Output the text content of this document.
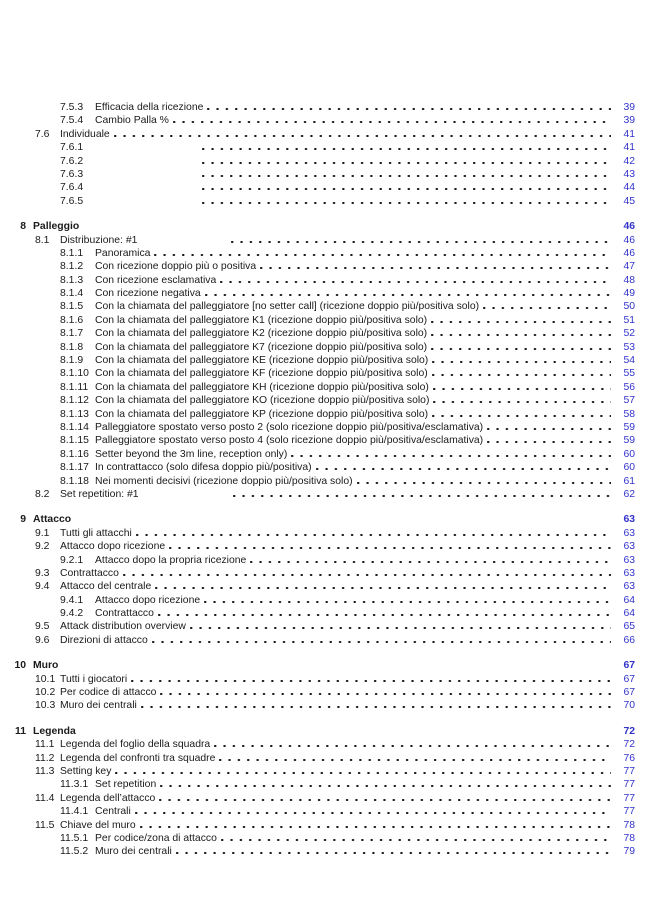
7.5.3	Efficacia della ricezione	39
7.5.4	Cambio Palla %	39
7.6	Individuale	41
7.6.1	41
7.6.2	42
7.6.3	43
7.6.4	44
7.6.5	45
8 Palleggio	46
8.1	Distribuzione: #1	46
8.1.1	Panoramica	46
8.1.2	Con ricezione doppio più o positiva	47
8.1.3	Con ricezione esclamativa	48
8.1.4	Con ricezione negativa	49
8.1.5	Con la chiamata del palleggiatore [no setter call] (ricezione doppio più/positiva solo)	50
8.1.6	Con la chiamata del palleggiatore K1 (ricezione doppio più/positiva solo)	51
8.1.7	Con la chiamata del palleggiatore K2 (ricezione doppio più/positiva solo)	52
8.1.8	Con la chiamata del palleggiatore K7 (ricezione doppio più/positiva solo)	53
8.1.9	Con la chiamata del palleggiatore KE (ricezione doppio più/positiva solo)	54
8.1.10 Con la chiamata del palleggiatore KF (ricezione doppio più/positiva solo)	55
8.1.11 Con la chiamata del palleggiatore KH (ricezione doppio più/positiva solo)	56
8.1.12 Con la chiamata del palleggiatore KO (ricezione doppio più/positiva solo)	57
8.1.13 Con la chiamata del palleggiatore KP (ricezione doppio più/positiva solo)	58
8.1.14 Palleggiatore spostato verso posto 2 (solo ricezione doppio più/positiva/esclamativa)	59
8.1.15 Palleggiatore spostato verso posto 4 (solo ricezione doppio più/positiva/esclamativa)	59
8.1.16 Setter beyond the 3m line, reception only)	60
8.1.17 In contrattacco (solo difesa doppio più/positiva)	60
8.1.18 Nei momenti decisivi (ricezione doppio più/positiva solo)	61
8.2	Set repetition: #1	62
9 Attacco	63
9.1	Tutti gli attacchi	63
9.2	Attacco dopo ricezione	63
9.2.1	Attacco dopo la propria ricezione	63
9.3	Contrattacco	63
9.4	Attacco del centrale	63
9.4.1	Attacco dopo ricezione	64
9.4.2	Contrattacco	64
9.5	Attack distribution overview	65
9.6	Direzioni di attacco	66
10 Muro	67
10.1 Tutti i giocatori	67
10.2 Per codice di attacco	67
10.3 Muro dei centrali	70
11 Legenda	72
11.1 Legenda del foglio della squadra	72
11.2 Legenda del confronti tra squadre	76
11.3 Setting key	77
11.3.1 Set repetition	77
11.4 Legenda dell’attacco	77
11.4.1 Centrali	77
11.5 Chiave del muro	78
11.5.1 Per codice/zona di attacco	78
11.5.2 Muro dei centrali	79
